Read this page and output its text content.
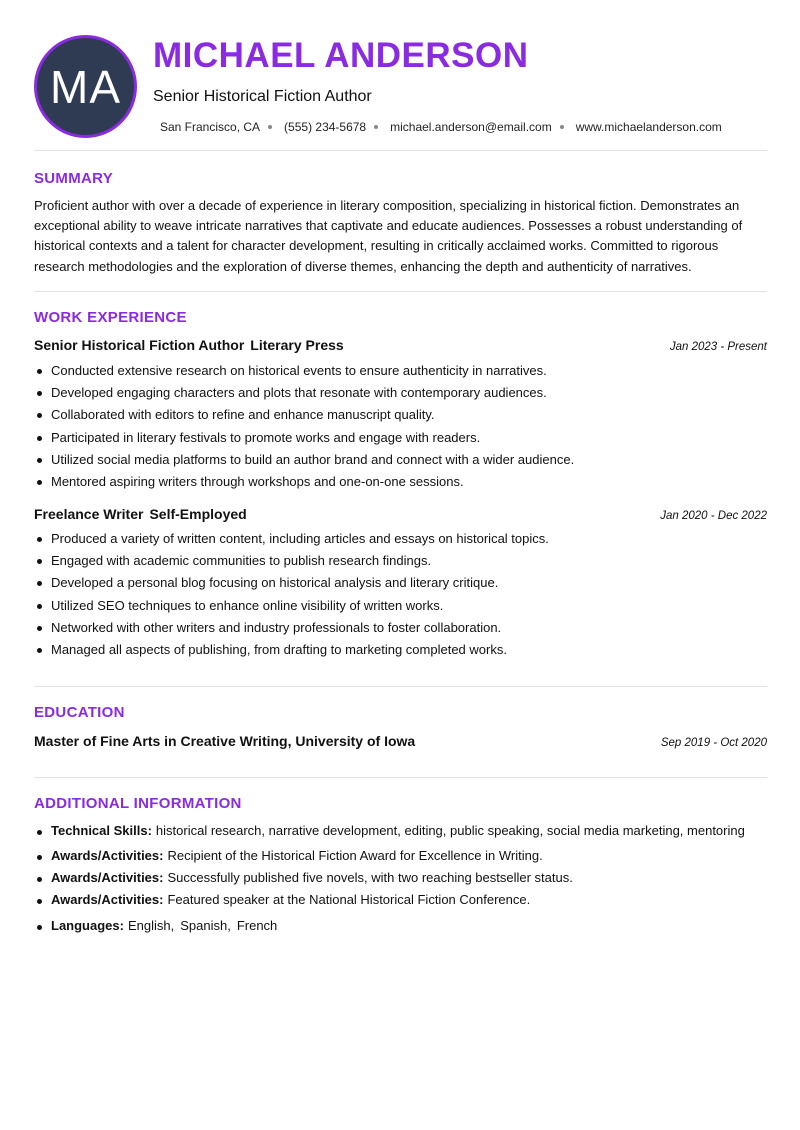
MA
MICHAEL ANDERSON
Senior Historical Fiction Author
San Francisco, CA (555) 234-5678 michael.anderson@email.com www.michaelanderson.com
SUMMARY

Proficient author with over a decade of experience in literary composition, specializing in historical fiction. Demonstrates an exceptional ability to weave intricate narratives that captivate and educate audiences. Possesses a robust understanding of historical contexts and a talent for character development, resulting in critically acclaimed works. Committed to rigorous research methodologies and the exploration of diverse themes, enhancing the depth and authenticity of narratives.

WORK EXPERIENCE
Senior Historical Fiction Author Literary Press	Jan 2023 - Present
Conducted extensive research on historical events to ensure authenticity in narratives.
Developed engaging characters and plots that resonate with contemporary audiences.
Collaborated with editors to refine and enhance manuscript quality.
Participated in literary festivals to promote works and engage with readers.
Utilized social media platforms to build an author brand and connect with a wider audience.
Mentored aspiring writers through workshops and one-on-one sessions.
Freelance Writer Self-Employed	Jan 2020 - Dec 2022
Produced a variety of written content, including articles and essays on historical topics.
Engaged with academic communities to publish research findings.
Developed a personal blog focusing on historical analysis and literary critique.
Utilized SEO techniques to enhance online visibility of written works.
Networked with other writers and industry professionals to foster collaboration.
Managed all aspects of publishing, from drafting to marketing completed works.
EDUCATION
Master of Fine Arts in Creative Writing, University of Iowa	Sep 2019 - Oct 2020
ADDITIONAL INFORMATION
Technical Skills: historical research, narrative development, editing, public speaking, social media marketing, mentoring
Awards/Activities: Recipient of the Historical Fiction Award for Excellence in Writing.
Awards/Activities: Successfully published five novels, with two reaching bestseller status.
Awards/Activities: Featured speaker at the National Historical Fiction Conference.
Languages: English, Spanish, French
